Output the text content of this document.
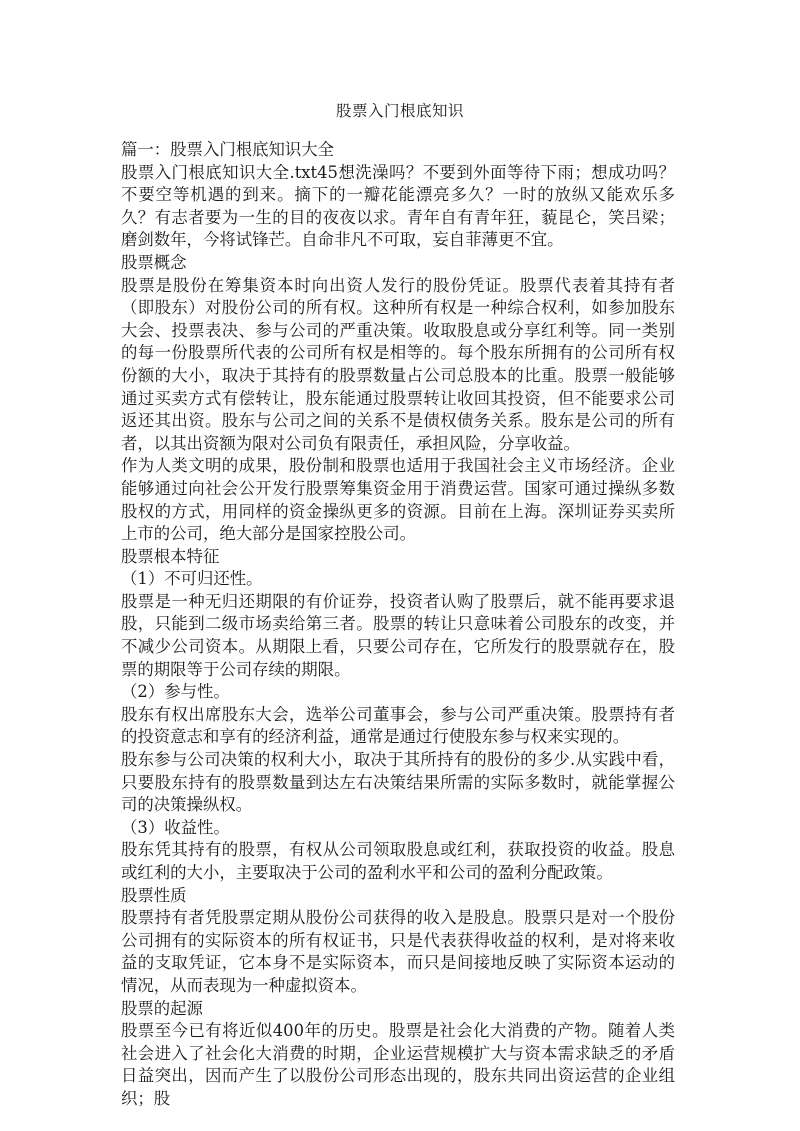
股票入门根底知识

篇一：股票入门根底知识大全

股票入门根底知识大全.txt45想洗澡吗？不要到外面等待下雨；想成功吗？不要空等机遇的到来。摘下的一瓣花能漂亮多久？一时的放纵又能欢乐多久？有志者要为一生的目的夜夜以求。青年自有青年狂，藐昆仑，笑吕梁；磨剑数年，今将试锋芒。自命非凡不可取，妄自菲薄更不宜。

股票概念

股票是股份在筹集资本时向出资人发行的股份凭证。股票代表着其持有者（即股东）对股份公司的所有权。这种所有权是一种综合权利，如参加股东大会、投票表决、参与公司的严重决策。收取股息或分享红利等。同一类别的每一份股票所代表的公司所有权是相等的。每个股东所拥有的公司所有权份额的大小，取决于其持有的股票数量占公司总股本的比重。股票一般能够通过买卖方式有偿转让，股东能通过股票转让收回其投资，但不能要求公司返还其出资。股东与公司之间的关系不是债权债务关系。股东是公司的所有者，以其出资额为限对公司负有限责任，承担风险，分享收益。

作为人类文明的成果，股份制和股票也适用于我国社会主义市场经济。企业能够通过向社会公开发行股票筹集资金用于消费运营。国家可通过操纵多数股权的方式，用同样的资金操纵更多的资源。目前在上海。深圳证券买卖所上市的公司，绝大部分是国家控股公司。

股票根本特征

（1）不可归还性。

股票是一种无归还期限的有价证券，投资者认购了股票后，就不能再要求退股，只能到二级市场卖给第三者。股票的转让只意味着公司股东的改变，并不减少公司资本。从期限上看，只要公司存在，它所发行的股票就存在，股票的期限等于公司存续的期限。

（2）参与性。

股东有权出席股东大会，选举公司董事会，参与公司严重决策。股票持有者的投资意志和享有的经济利益，通常是通过行使股东参与权来实现的。

股东参与公司决策的权利大小，取决于其所持有的股份的多少.从实践中看，只要股东持有的股票数量到达左右决策结果所需的实际多数时，就能掌握公司的决策操纵权。

（3）收益性。

股东凭其持有的股票，有权从公司领取股息或红利，获取投资的收益。股息或红利的大小，主要取决于公司的盈利水平和公司的盈利分配政策。

股票性质

股票持有者凭股票定期从股份公司获得的收入是股息。股票只是对一个股份公司拥有的实际资本的所有权证书，只是代表获得收益的权利，是对将来收益的支取凭证，它本身不是实际资本，而只是间接地反映了实际资本运动的情况，从而表现为一种虚拟资本。

股票的起源

股票至今已有将近似400年的历史。股票是社会化大消费的产物。随着人类社会进入了社会化大消费的时期，企业运营规模扩大与资本需求缺乏的矛盾日益突出，因而产生了以股份公司形态出现的，股东共同出资运营的企业组织；股
